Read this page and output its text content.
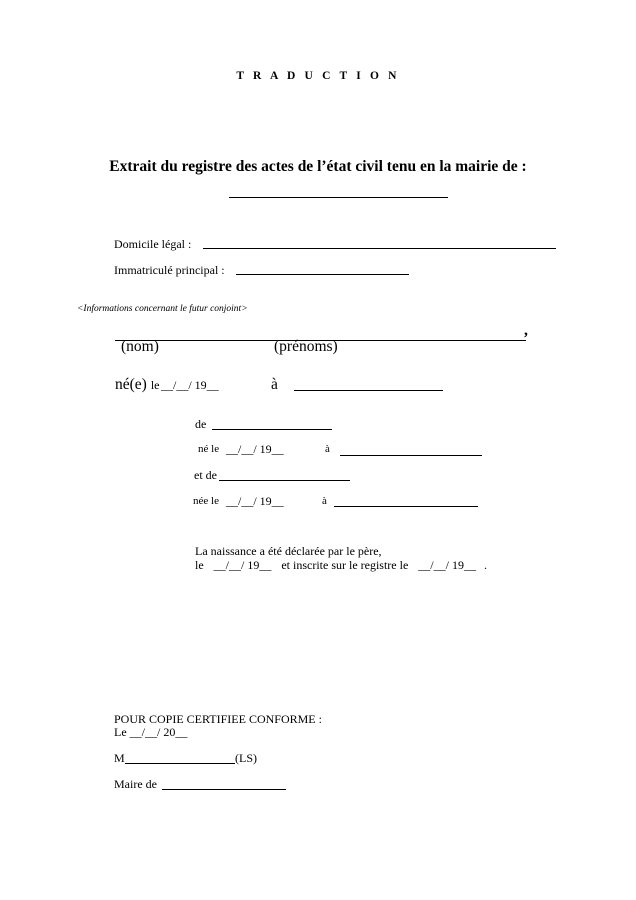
T R A D U C T I O N
Extrait du registre des actes de l’état civil tenu en la mairie de :
Domicile légal :
Immatriculé principal :
<Informations concernant le futur conjoint>
,
(nom)	(prénoms)
né(e) le __/__/ 19__	à
de
né le __/__/ 19__	à
et de
née le __/__/ 19__	à
La naissance a été déclarée par le père,
le __/__/ 19__ et inscrite sur le registre le __/__/ 19__ .
POUR COPIE CERTIFIEE CONFORME :
Le __/__/ 20__
M	(LS)
Maire de
